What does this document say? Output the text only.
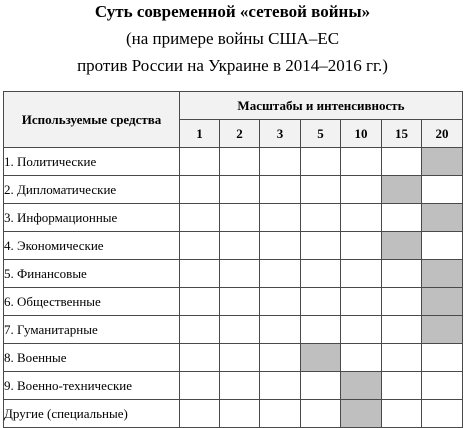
Суть современной «сетевой войны»
(на примере войны США–ЕС
против России на Украине в 2014–2016 гг.)
Используемые средства	Масштабы и интенсивность						
	1	2	3	5	10	15	20
1. Политические							
2. Дипломатические							
3. Информационные							
4. Экономические							
5. Финансовые							
6. Общественные							
7. Гуманитарные							
8. Военные							
9. Военно-технические							
Другие (специальные)							
